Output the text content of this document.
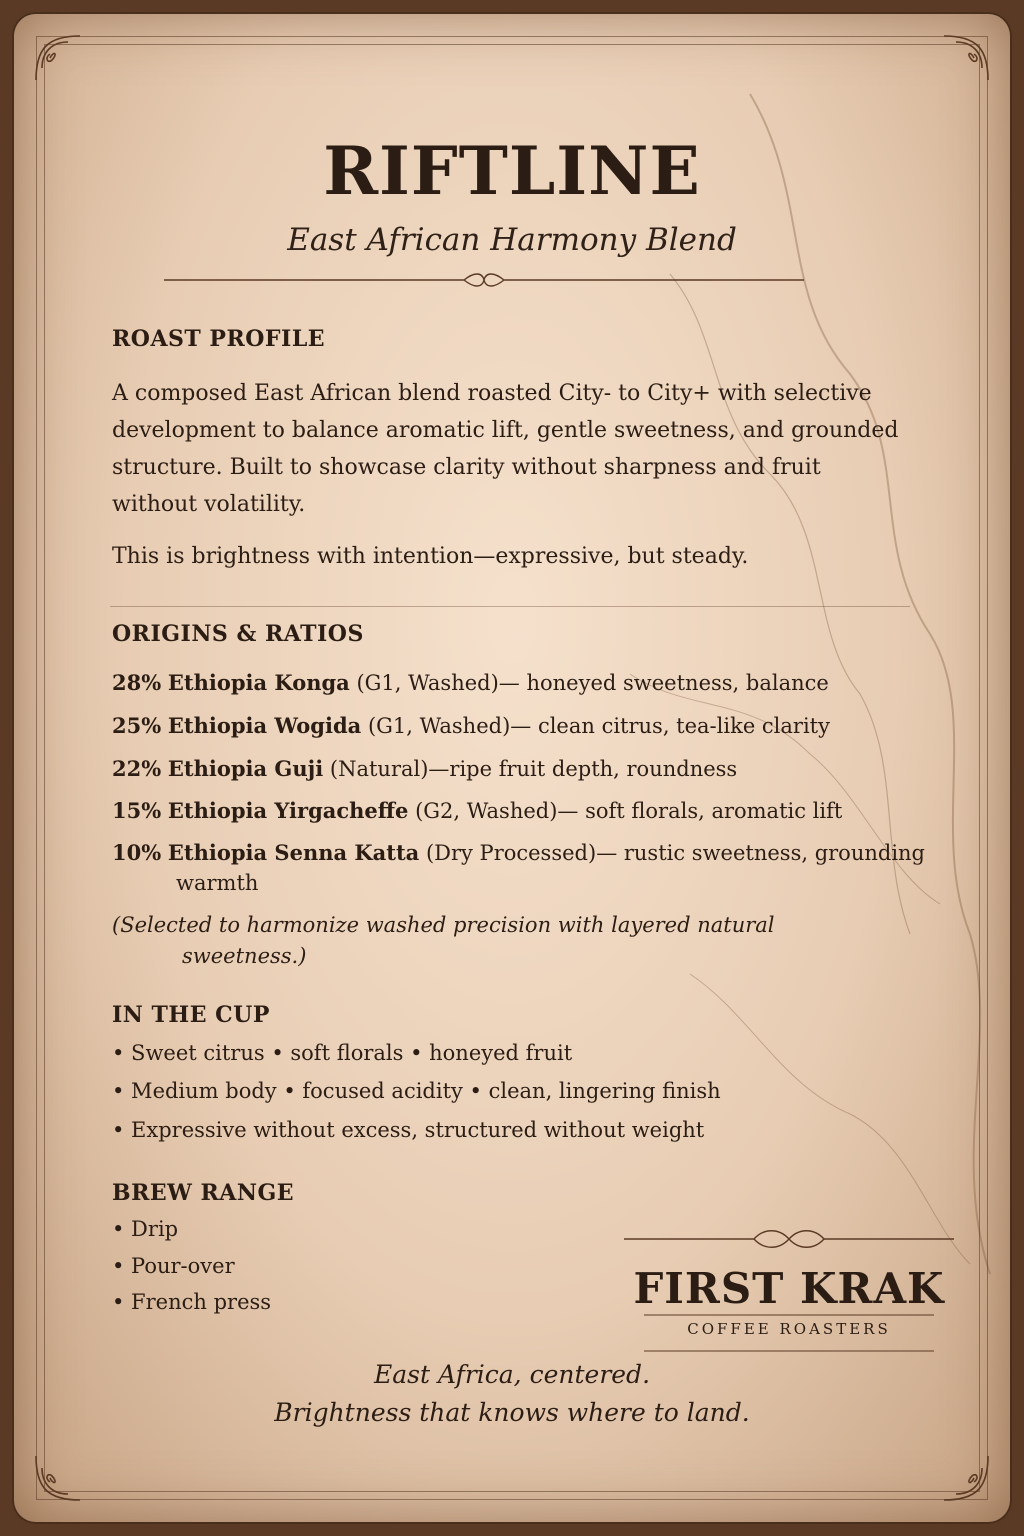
RIFTLINE
East African Harmony Blend
ROAST PROFILE
A composed East African blend roasted City- to City+ with selective development to balance aromatic lift, gentle sweetness, and grounded structure. Built to showcase clarity without sharpness and fruit without volatility.
This is brightness with intention—expressive, but steady.
ORIGINS & RATIOS
28% Ethiopia Konga (G1, Washed)— honeyed sweetness, balance
25% Ethiopia Wogida (G1, Washed)— clean citrus, tea-like clarity
22% Ethiopia Guji (Natural)—ripe fruit depth, roundness
15% Ethiopia Yirgacheffe (G2, Washed)— soft florals, aromatic lift
10% Ethiopia Senna Katta (Dry Processed)— rustic sweetness, grounding
warmth
(Selected to harmonize washed precision with layered natural
sweetness.)
IN THE CUP
• Sweet citrus • soft florals • honeyed fruit
• Medium body • focused acidity • clean, lingering finish
• Expressive without excess, structured without weight
BREW RANGE
• Drip
• Pour-over
• French press	FIRST KRAK
COFFEE ROASTERS
East Africa, centered.
Brightness that knows where to land.
